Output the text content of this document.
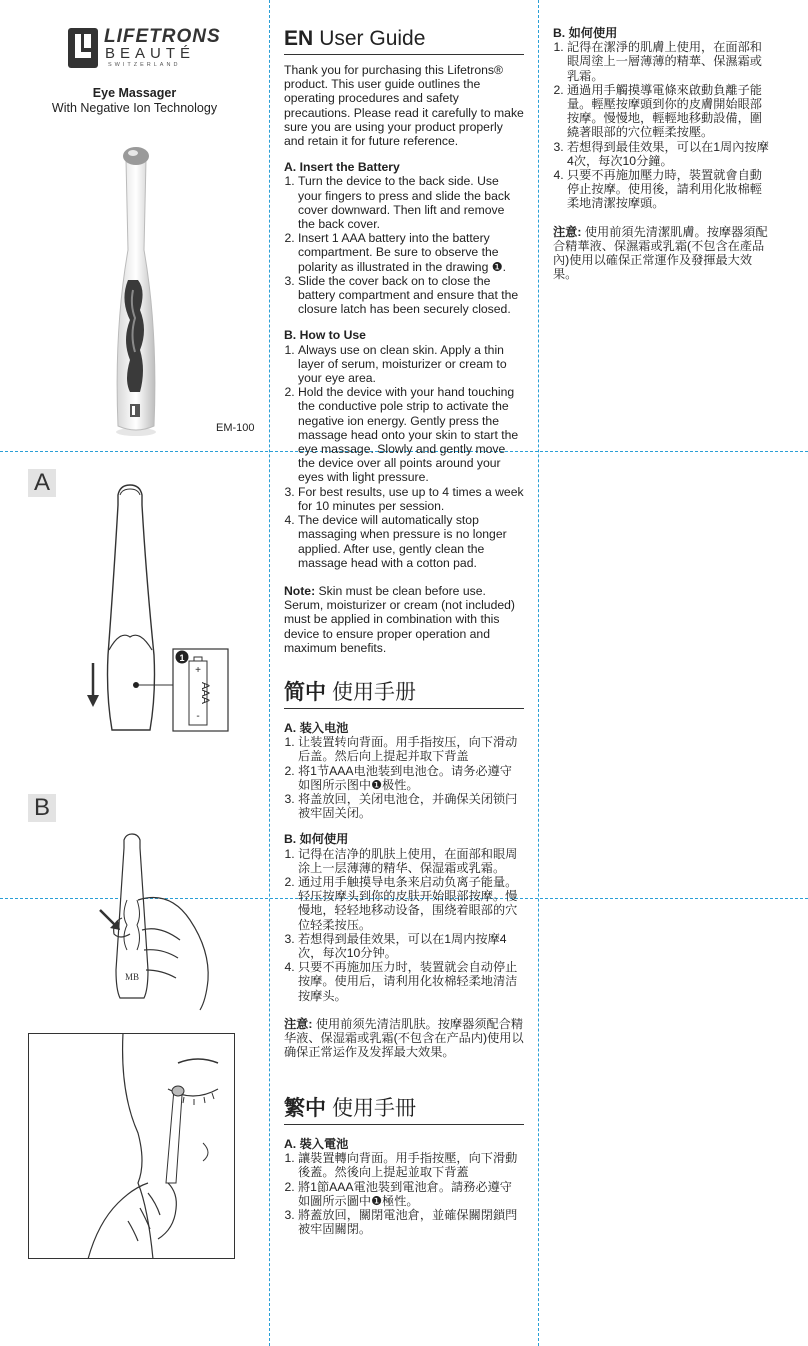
LIFETRONS
BEAUTÉ
SWITZERLAND
Eye Massager
With Negative Ion Technology
EM-100
A
+
-
AAA
1
B
MB
EN User Guide

Thank you for purchasing this Lifetrons® product. This user guide outlines the operating procedures and safety precautions. Please read it carefully to make sure you are using your product properly and retain it for future reference.

A. Insert the Battery
1. Turn the device to the back side. Use your fingers to press and slide the back cover downward. Then lift and remove the back cover.
2. Insert 1 AAA battery into the battery compartment. Be sure to observe the polarity as illustrated in the drawing ❶.
3. Slide the cover back on to close the battery compartment and ensure that the closure latch has been securely closed.
B. How to Use
1. Always use on clean skin. Apply a thin layer of serum, moisturizer or cream to your eye area.
2. Hold the device with your hand touching the conductive pole strip to activate the negative ion energy. Gently press the massage head onto your skin to start the eye massage. Slowly and gently move the device over all points around your eyes with light pressure.
3. For best results, use up to 4 times a week for 10 minutes per session.
4. The device will automatically stop massaging when pressure is no longer applied. After use, gently clean the massage head with a cotton pad.

Note: Skin must be clean before use. Serum, moisturizer or cream (not included) must be applied in combination with this device to ensure proper operation and maximum benefits.

简中 使用手册
A. 装入电池
1. 让装置转向背面。用手指按压，向下滑动后盖。然后向上提起并取下背盖
2. 将1节AAA电池装到电池仓。请务必遵守如图所示图中❶极性。
3. 将盖放回，关闭电池仓，并确保关闭锁闩被牢固关闭。
B. 如何使用
1. 记得在洁净的肌肤上使用，在面部和眼周涂上一层薄薄的精华、保湿霜或乳霜。
2. 通过用手触摸导电条来启动负离子能量。轻压按摩头到你的皮肤开始眼部按摩。慢慢地，轻轻地移动设备，围绕着眼部的穴位轻柔按压。
3. 若想得到最佳效果，可以在1周内按摩4次，每次10分钟。
4. 只要不再施加压力时，装置就会自动停止按摩。使用后，请利用化妆棉轻柔地清洁按摩头。

注意: 使用前须先清洁肌肤。按摩器须配合精华液、保湿霜或乳霜(不包含在产品内)使用以确保正常运作及发挥最大效果。

繁中 使用手冊
A. 裝入電池
1. 讓裝置轉向背面。用手指按壓，向下滑動後蓋。然後向上提起並取下背蓋
2. 將1節AAA電池裝到電池倉。請務必遵守如圖所示圖中❶極性。
3. 將蓋放回，關閉電池倉，並確保關閉鎖閂被牢固關閉。
B. 如何使用
1. 記得在潔淨的肌膚上使用，在面部和眼周塗上一層薄薄的精華、保濕霜或乳霜。
2. 通過用手觸摸導電條來啟動負離子能量。輕壓按摩頭到你的皮膚開始眼部按摩。慢慢地，輕輕地移動設備，圍繞著眼部的穴位輕柔按壓。
3. 若想得到最佳效果，可以在1周內按摩4次，每次10分鐘。
4. 只要不再施加壓力時，裝置就會自動停止按摩。使用後，請利用化妝棉輕柔地清潔按摩頭。

注意: 使用前須先清潔肌膚。按摩器須配合精華液、保濕霜或乳霜(不包含在產品內)使用以確保正常運作及發揮最大效果。
